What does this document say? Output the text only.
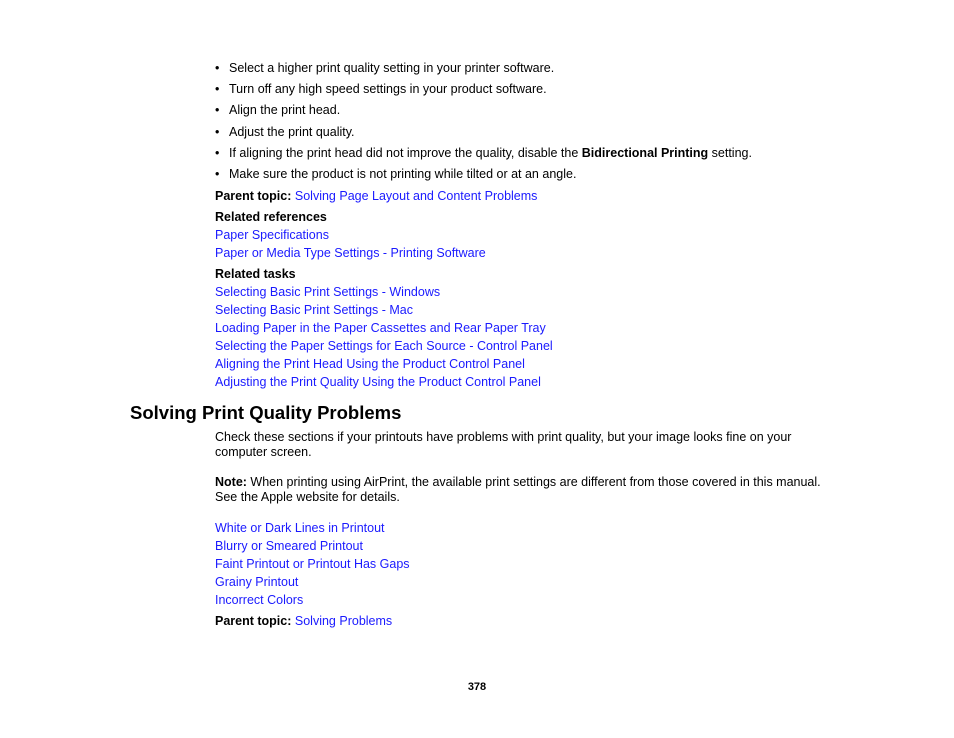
• Select a higher print quality setting in your printer software.
• Turn off any high speed settings in your product software.
• Align the print head.
• Adjust the print quality.
• If aligning the print head did not improve the quality, disable the Bidirectional Printing setting.
• Make sure the product is not printing while tilted or at an angle.
Parent topic: Solving Page Layout and Content Problems
Related references
Paper Specifications
Paper or Media Type Settings - Printing Software
Related tasks
Selecting Basic Print Settings - Windows
Selecting Basic Print Settings - Mac
Loading Paper in the Paper Cassettes and Rear Paper Tray
Selecting the Paper Settings for Each Source - Control Panel
Aligning the Print Head Using the Product Control Panel
Adjusting the Print Quality Using the Product Control Panel
Solving Print Quality Problems
Check these sections if your printouts have problems with print quality, but your image looks fine on your computer screen.
Note: When printing using AirPrint, the available print settings are different from those covered in this manual. See the Apple website for details.
White or Dark Lines in Printout
Blurry or Smeared Printout
Faint Printout or Printout Has Gaps
Grainy Printout
Incorrect Colors
Parent topic: Solving Problems
378
